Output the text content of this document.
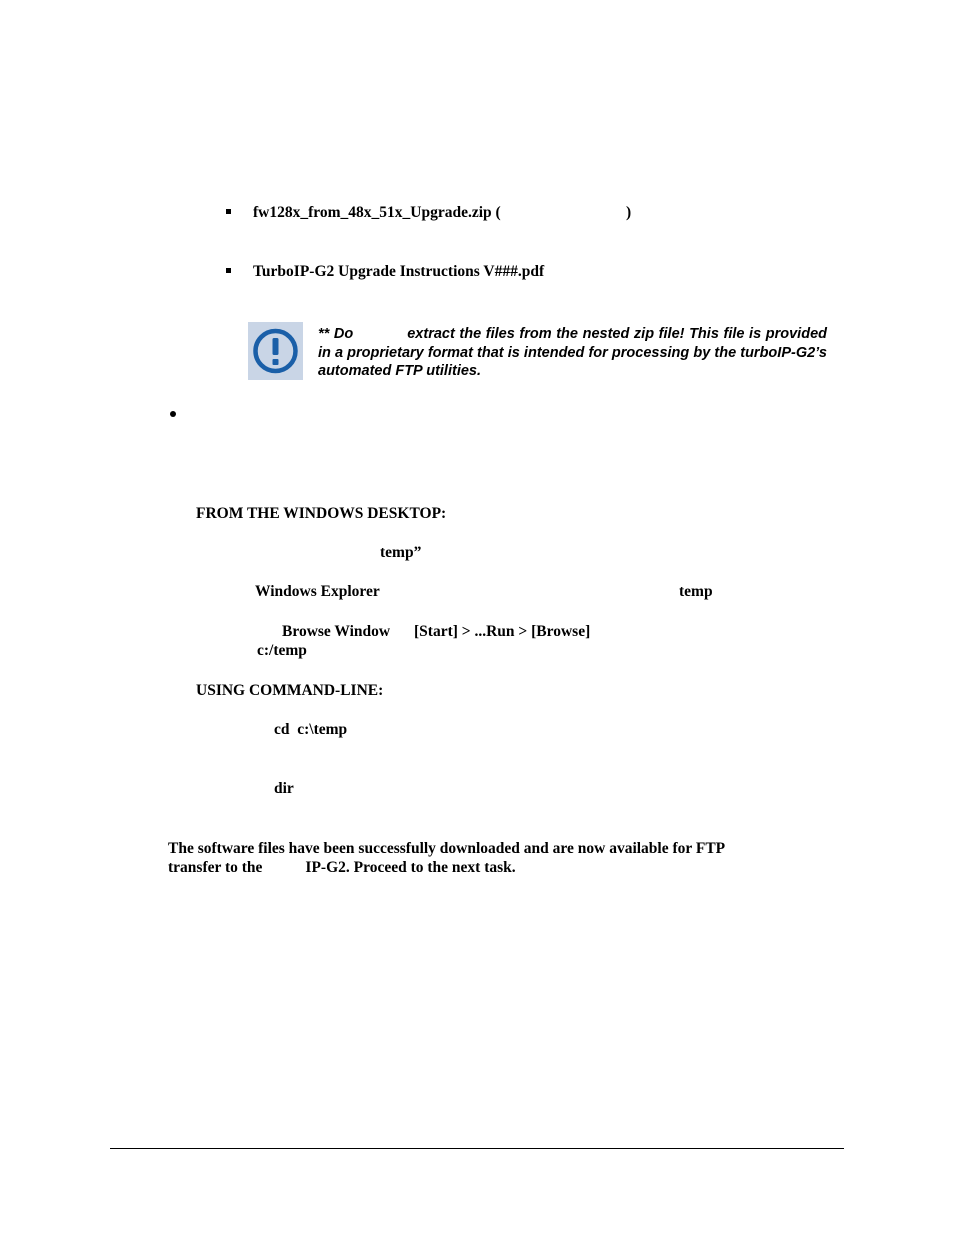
fw128x_from_48x_51x_Upgrade.zip (	)
TurboIP-G2 Upgrade Instructions V###.pdf
** Do	extract the files from the nested zip file! This file is provided in a proprietary format that is intended for processing by the turboIP-G2’s automated FTP utilities.
FROM THE WINDOWS DESKTOP:
temp”
Windows Explorer	temp
Browse Window [Start] > ...Run > [Browse]
c:/temp
USING COMMAND-LINE:
cd  c:\temp
dir
The software files have been successfully downloaded and are now available for FTP
transfer to the	IP-G2. Proceed to the next task.
